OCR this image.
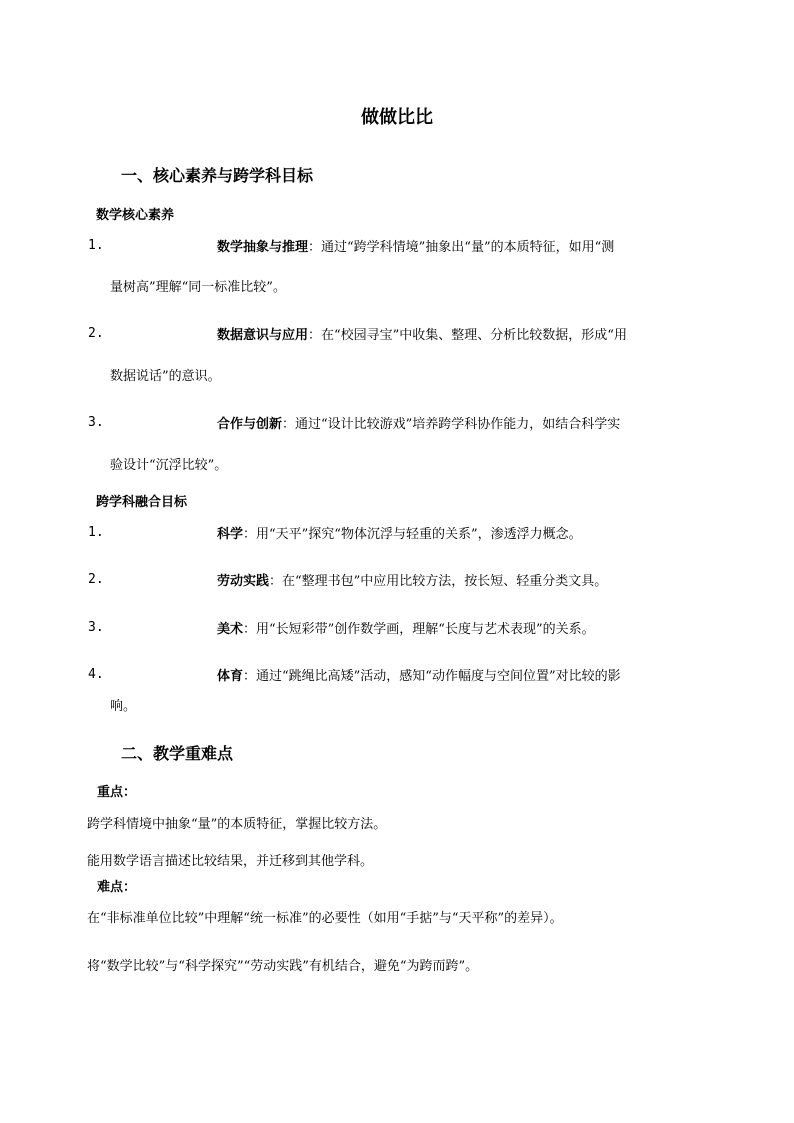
做做比比
一、核心素养与跨学科目标
数学核心素养
1.	数学抽象与推理：通过“跨学科情境”抽象出“量”的本质特征，如用“测
量树高”理解“同一标准比较”。
2.	数据意识与应用：在“校园寻宝”中收集、整理、分析比较数据，形成“用
数据说话”的意识。
3.	合作与创新：通过“设计比较游戏”培养跨学科协作能力，如结合科学实
验设计“沉浮比较”。
跨学科融合目标
1.	科学：用“天平”探究“物体沉浮与轻重的关系”，渗透浮力概念。
2.	劳动实践：在“整理书包”中应用比较方法，按长短、轻重分类文具。
3.	美术：用“长短彩带”创作数学画，理解“长度与艺术表现”的关系。
4.	体育：通过“跳绳比高矮”活动，感知“动作幅度与空间位置”对比较的影
响。
二、教学重难点
重点：
跨学科情境中抽象“量”的本质特征，掌握比较方法。
能用数学语言描述比较结果，并迁移到其他学科。
难点：
在“非标准单位比较”中理解“统一标准”的必要性（如用“手掂”与“天平称”的差异）。
将“数学比较”与“科学探究”“劳动实践”有机结合，避免“为跨而跨”。
